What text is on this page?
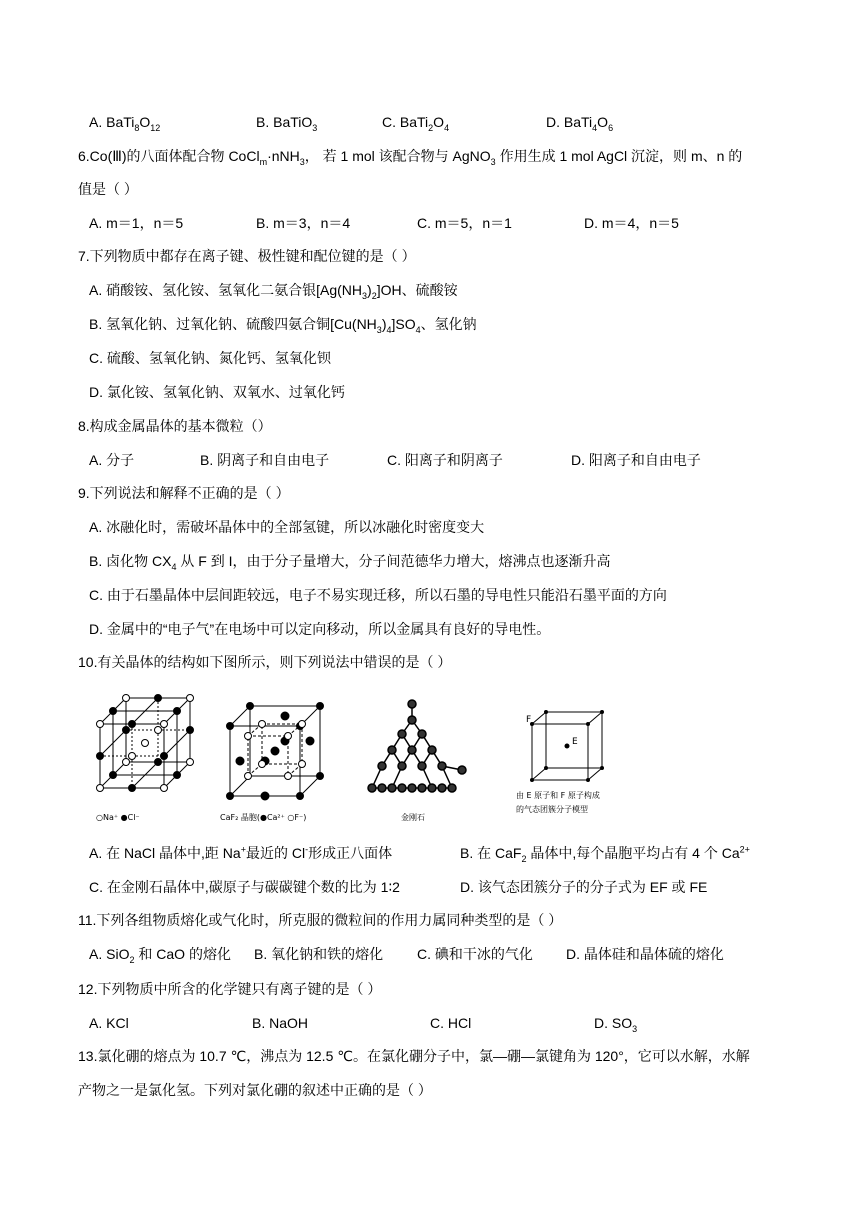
A. $BaTi_8O_{12}$	B. BaTiO$_3$	C. $BaTi_2O_4$	D. $BaTi_4O_6$
6.Co(Ⅲ)的八面体配合物 CoCl$_m$·nNH$_3$， 若 1 mol 该配合物与 AgNO$_3$ 作用生成 1 mol AgCl 沉淀，则 m、n 的
值是（ ）
A. m＝1，n＝5	B. m＝3，n＝4	C. m＝5，n＝1	D. m＝4，n＝5
7.下列物质中都存在离子键、极性键和配位键的是（ ）
A. 硝酸铵、氢化铵、氢氧化二氨合银$[Ag(NH_3)_2]OH$、硫酸铵
B. 氢氧化钠、过氧化钠、硫酸四氨合铜$[Cu(NH_3)_4]SO_4$、氢化钠
C. 硫酸、氢氧化钠、氮化钙、氢氧化钡
D. 氯化铵、氢氧化钠、双氧水、过氧化钙
8.构成金属晶体的基本微粒（）
A. 分子	B. 阴离子和自由电子	C. 阳离子和阴离子	D. 阳离子和自由电子
9.下列说法和解释不正确的是（ ）
A. 冰融化时，需破坏晶体中的全部氢键，所以冰融化时密度变大
B. 卤化物 $CX_4$ 从 F 到 I，由于分子量增大，分子间范德华力增大，熔沸点也逐渐升高
C. 由于石墨晶体中层间距较远，电子不易实现迁移，所以石墨的导电性只能沿石墨平面的方向
D. 金属中的“电子气”在电场中可以定向移动，所以金属具有良好的导电性。
10.有关晶体的结构如下图所示，则下列说法中错误的是（ ）
○Na⁺ ●Cl⁻	CaF₂ 晶胞(●Ca²⁺ ○F⁻)	金刚石
F
E
由 E 原子和 F 原子构成
的气态团簇分子模型
A. 在 NaCl 晶体中,距 Na+最近的 Cl-形成正八面体	B. 在 CaF$_2$ 晶体中,每个晶胞平均占有 4 个 $Ca^{2+}$
C. 在金刚石晶体中,碳原子与碳碳键个数的比为 1∶2	D. 该气态团簇分子的分子式为 EF 或 FE
11.下列各组物质熔化或气化时，所克服的微粒间的作用力属同种类型的是（ ）
A. SiO$_2$ 和 CaO 的熔化 B. 氧化钠和铁的熔化 C. 碘和干冰的气化 D. 晶体硅和晶体硫的熔化
12.下列物质中所含的化学键只有离子键的是（ ）
A. KCl	B. NaOH	C. HCl	D. $SO_3$
13.氯化硼的熔点为 10.7 ℃，沸点为 12.5 ℃。在氯化硼分子中，氯—硼—氯键角为 120°，它可以水解，水解
产物之一是氯化氢。下列对氯化硼的叙述中正确的是（ ）
